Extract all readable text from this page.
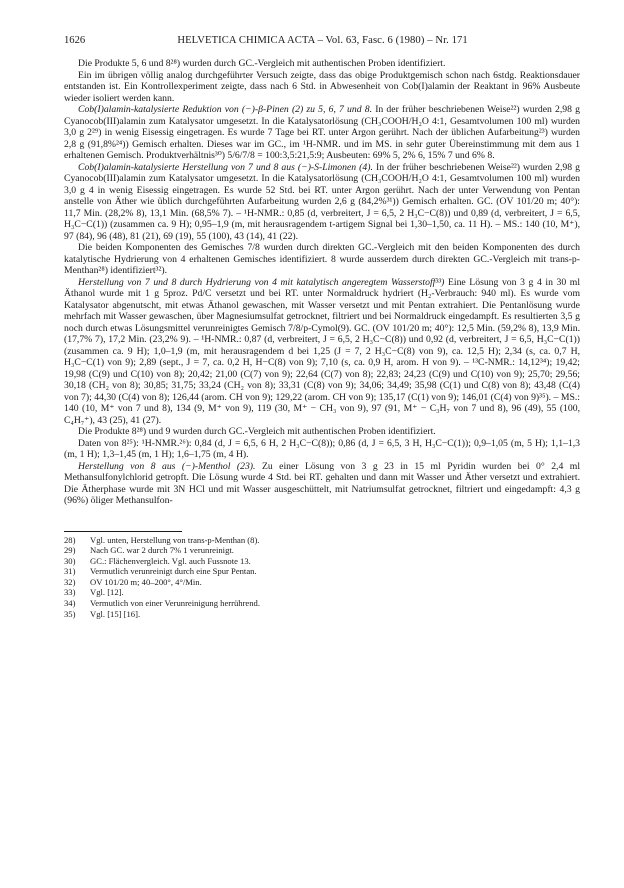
1626	HELVETICA CHIMICA ACTA – Vol. 63, Fasc. 6 (1980) – Nr. 171

Die Produkte 5, 6 und 8²⁸) wurden durch GC.-Vergleich mit authentischen Proben identifiziert.

Ein im übrigen völlig analog durchgeführter Versuch zeigte, dass das obige Produktgemisch schon nach 6stdg. Reaktionsdauer entstanden ist. Ein Kontrollexperiment zeigte, dass nach 6 Std. in Abwesenheit von Cob(I)alamin der Reaktant in 96% Ausbeute wieder isoliert werden kann.

Cob(I)alamin-katalysierte Reduktion von (−)-β-Pinen (2) zu 5, 6, 7 und 8. In der früher beschriebenen Weise²²) wurden 2,98 g Cyanocob(III)alamin zum Katalysator umgesetzt. In die Katalysatorlösung (CH₃COOH/H₂O 4:1, Gesamtvolumen 100 ml) wurden 3,0 g 2²⁹) in wenig Eisessig eingetragen. Es wurde 7 Tage bei RT. unter Argon gerührt. Nach der üblichen Aufarbeitung²³) wurden 2,8 g (91,8%²⁴)) Gemisch erhalten. Dieses war im GC., im ¹H-NMR. und im MS. in sehr guter Übereinstimmung mit dem aus 1 erhaltenen Gemisch. Produktverhältnis³⁰) 5/6/7/8 = 100:3,5:21,5:9; Ausbeuten: 69% 5, 2% 6, 15% 7 und 6% 8.

Cob(I)alamin-katalysierte Herstellung von 7 und 8 aus (−)-S-Limonen (4). In der früher beschriebenen Weise²²) wurden 2,98 g Cyanocob(III)alamin zum Katalysator umgesetzt. In die Katalysatorlösung (CH₃COOH/H₂O 4:1, Gesamtvolumen 100 ml) wurden 3,0 g 4 in wenig Eisessig eingetragen. Es wurde 52 Std. bei RT. unter Argon gerührt. Nach der unter Verwendung von Pentan anstelle von Äther wie üblich durchgeführten Aufarbeitung wurden 2,6 g (84,2%³¹)) Gemisch erhalten. GC. (OV 101/20 m; 40°): 11,7 Min. (28,2% 8), 13,1 Min. (68,5% 7). – ¹H-NMR.: 0,85 (d, verbreitert, J = 6,5, 2 H₃C−C(8)) und 0,89 (d, verbreitert, J = 6,5, H₃C−C(1)) (zusammen ca. 9 H); 0,95–1,9 (m, mit herausragendem t-artigem Signal bei 1,30–1,50, ca. 11 H). – MS.: 140 (10, M⁺), 97 (84), 96 (48), 81 (21), 69 (19), 55 (100), 43 (14), 41 (22).

Die beiden Komponenten des Gemisches 7/8 wurden durch direkten GC.-Vergleich mit den beiden Komponenten des durch katalytische Hydrierung von 4 erhaltenen Gemisches identifiziert. 8 wurde ausserdem durch direkten GC.-Vergleich mit trans-p-Menthan²⁸) identifiziert³²).

Herstellung von 7 und 8 durch Hydrierung von 4 mit katalytisch angeregtem Wasserstoff³³) Eine Lösung von 3 g 4 in 30 ml Äthanol wurde mit 1 g 5proz. Pd/C versetzt und bei RT. unter Normaldruck hydriert (H₂-Verbrauch: 940 ml). Es wurde vom Katalysator abgenutscht, mit etwas Äthanol gewaschen, mit Wasser versetzt und mit Pentan extrahiert. Die Pentanlösung wurde mehrfach mit Wasser gewaschen, über Magnesiumsulfat getrocknet, filtriert und bei Normaldruck eingedampft. Es resultierten 3,5 g noch durch etwas Lösungsmittel verunreinigtes Gemisch 7/8/p-Cymol(9). GC. (OV 101/20 m; 40°): 12,5 Min. (59,2% 8), 13,9 Min. (17,7% 7), 17,2 Min. (23,2% 9). – ¹H-NMR.: 0,87 (d, verbreitert, J = 6,5, 2 H₃C−C(8)) und 0,92 (d, verbreitert, J = 6,5, H₃C−C(1)) (zusammen ca. 9 H); 1,0–1,9 (m, mit herausragendem d bei 1,25 (J = 7, 2 H₃C−C(8) von 9), ca. 12,5 H); 2,34 (s, ca. 0,7 H, H₃C−C(1) von 9); 2,89 (sept., J = 7, ca. 0,2 H, H−C(8) von 9); 7,10 (s, ca. 0,9 H, arom. H von 9). – ¹³C-NMR.: 14,12³⁴); 19,42; 19,98 (C(9) und C(10) von 8); 20,42; 21,00 (C(7) von 9); 22,64 (C(7) von 8); 22,83; 24,23 (C(9) und C(10) von 9); 25,70; 29,56; 30,18 (CH₂ von 8); 30,85; 31,75; 33,24 (CH₂ von 8); 33,31 (C(8) von 9); 34,06; 34,49; 35,98 (C(1) und C(8) von 8); 43,48 (C(4) von 7); 44,30 (C(4) von 8); 126,44 (arom. CH von 9); 129,22 (arom. CH von 9); 135,17 (C(1) von 9); 146,01 (C(4) von 9)³⁵). – MS.: 140 (10, M⁺ von 7 und 8), 134 (9, M⁺ von 9), 119 (30, M⁺ − CH₃ von 9), 97 (91, M⁺ − C₃H₇ von 7 und 8), 96 (49), 55 (100, C₄H₇⁺), 43 (25), 41 (27).

Die Produkte 8²⁸) und 9 wurden durch GC.-Vergleich mit authentischen Proben identifiziert.

Daten von 8²⁵): ¹H-NMR.²⁶): 0,84 (d, J = 6,5, 6 H, 2 H₃C−C(8)); 0,86 (d, J = 6,5, 3 H, H₃C−C(1)); 0,9–1,05 (m, 5 H); 1,1–1,3 (m, 1 H); 1,3–1,45 (m, 1 H); 1,6–1,75 (m, 4 H).

Herstellung von 8 aus (−)-Menthol (23). Zu einer Lösung von 3 g 23 in 15 ml Pyridin wurden bei 0° 2,4 ml Methansulfonylchlorid getropft. Die Lösung wurde 4 Std. bei RT. gehalten und dann mit Wasser und Äther versetzt und extrahiert. Die Ätherphase wurde mit 3N HCl und mit Wasser ausgeschüttelt, mit Natriumsulfat getrocknet, filtriert und eingedampft: 4,3 g (96%) öliger Methansulfon-

28)	Vgl. unten, Herstellung von trans-p-Menthan (8).
29)	Nach GC. war 2 durch 7% 1 verunreinigt.
30)	GC.: Flächenvergleich. Vgl. auch Fussnote 13.
31)	Vermutlich verunreinigt durch eine Spur Pentan.
32)	OV 101/20 m; 40–200°, 4°/Min.
33)	Vgl. [12].
34)	Vermutlich von einer Verunreinigung herrührend.
35)	Vgl. [15] [16].
